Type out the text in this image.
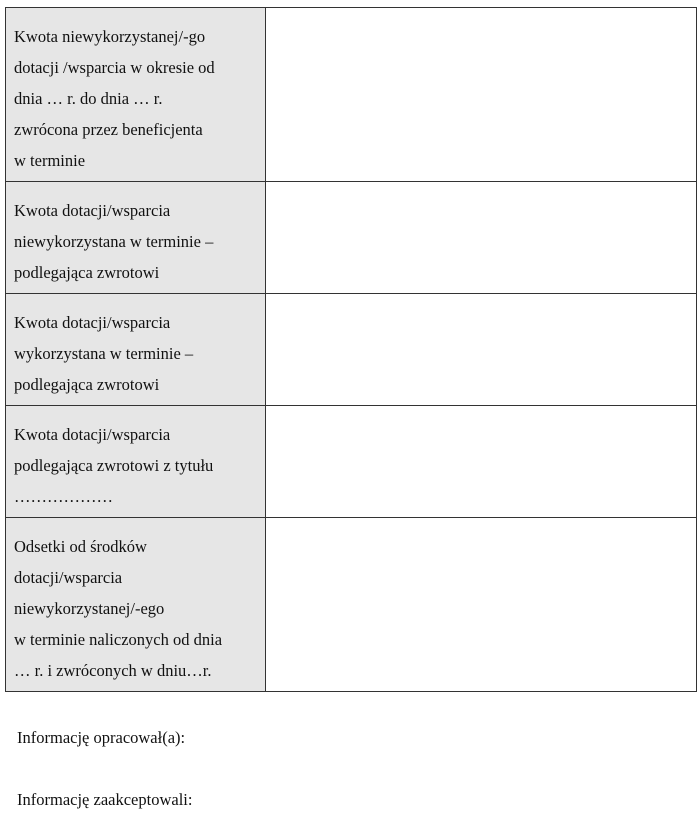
Kwota niewykorzystanej/-go
dotacji /wsparcia w okresie od
dnia … r. do dnia … r.
zwrócona przez beneficjenta
w terminie	

Kwota dotacji/wsparcia
niewykorzystana w terminie –
podlegająca zwrotowi	

Kwota dotacji/wsparcia
wykorzystana w terminie –
podlegająca zwrotowi	

Kwota dotacji/wsparcia
podlegająca zwrotowi z tytułu
………………	

Odsetki od środków
dotacji/wsparcia
niewykorzystanej/-ego
w terminie naliczonych od dnia
… r. i zwróconych w dniu…r.	

Informację opracował(a):
Informację zaakceptowali:
